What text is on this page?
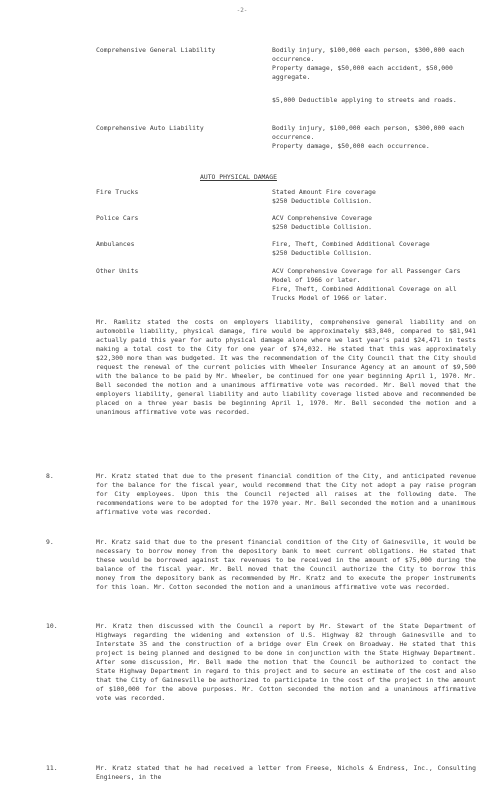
-2-
Comprehensive General Liability	Bodily injury, $100,000 each person, $300,000 each occurrence.
Property damage, $50,000 each accident, $50,000 aggregate.
$5,000 Deductible applying to streets and roads.
Comprehensive Auto Liability	Bodily injury, $100,000 each person, $300,000 each occurrence.
Property damage, $50,000 each occurrence.
AUTO PHYSICAL DAMAGE
Fire Trucks	Stated Amount Fire coverage
$250 Deductible Collision.
Police Cars	ACV Comprehensive Coverage
$250 Deductible Collision.
Ambulances	Fire, Theft, Combined Additional Coverage
$250 Deductible Collision.
Other Units	ACV Comprehensive Coverage for all Passenger Cars Model of 1966 or later.
Fire, Theft, Combined Additional Coverage on all Trucks Model of 1966 or later.
Mr. Ramlitz stated the costs on employers liability, comprehensive general liability and on automobile liability, physical damage, fire would be approximately $83,840, compared to $81,941 actually paid this year for auto physical damage alone where we last year's paid $24,471 in tests making a total cost to the City for one year of $74,032. He stated that this was approximately $22,300 more than was budgeted. It was the recommendation of the City Council that the City should request the renewal of the current policies with Wheeler Insurance Agency at an amount of $9,500 with the balance to be paid by Mr. Wheeler, be continued for one year beginning April 1, 1970. Mr. Bell seconded the motion and a unanimous affirmative vote was recorded. Mr. Bell moved that the employers liability, general liability and auto liability coverage listed above and recommended be placed on a three year basis be beginning April 1, 1970. Mr. Bell seconded the motion and a unanimous affirmative vote was recorded.
8.	Mr. Kratz stated that due to the present financial condition of the City, and anticipated revenue for the balance for the fiscal year, would recommend that the City not adopt a pay raise program for City employees. Upon this the Council rejected all raises at the following date. The recommendations were to be adopted for the 1970 year. Mr. Bell seconded the motion and a unanimous affirmative vote was recorded.
9.	Mr. Kratz said that due to the present financial condition of the City of Gainesville, it would be necessary to borrow money from the depository bank to meet current obligations. He stated that these would be borrowed against tax revenues to be received in the amount of $75,000 during the balance of the fiscal year. Mr. Bell moved that the Council authorize the City to borrow this money from the depository bank as recommended by Mr. Kratz and to execute the proper instruments for this loan. Mr. Cotton seconded the motion and a unanimous affirmative vote was recorded.
10.	Mr. Kratz then discussed with the Council a report by Mr. Stewart of the State Department of Highways regarding the widening and extension of U.S. Highway 82 through Gainesville and to Interstate 35 and the construction of a bridge over Elm Creek on Broadway. He stated that this project is being planned and designed to be done in conjunction with the State Highway Department. After some discussion, Mr. Bell made the motion that the Council be authorized to contact the State Highway Department in regard to this project and to secure an estimate of the cost and also that the City of Gainesville be authorized to participate in the cost of the project in the amount of $100,000 for the above purposes. Mr. Cotton seconded the motion and a unanimous affirmative vote was recorded.
11.	Mr. Kratz stated that he had received a letter from Freese, Nichols & Endress, Inc., Consulting Engineers, in the
